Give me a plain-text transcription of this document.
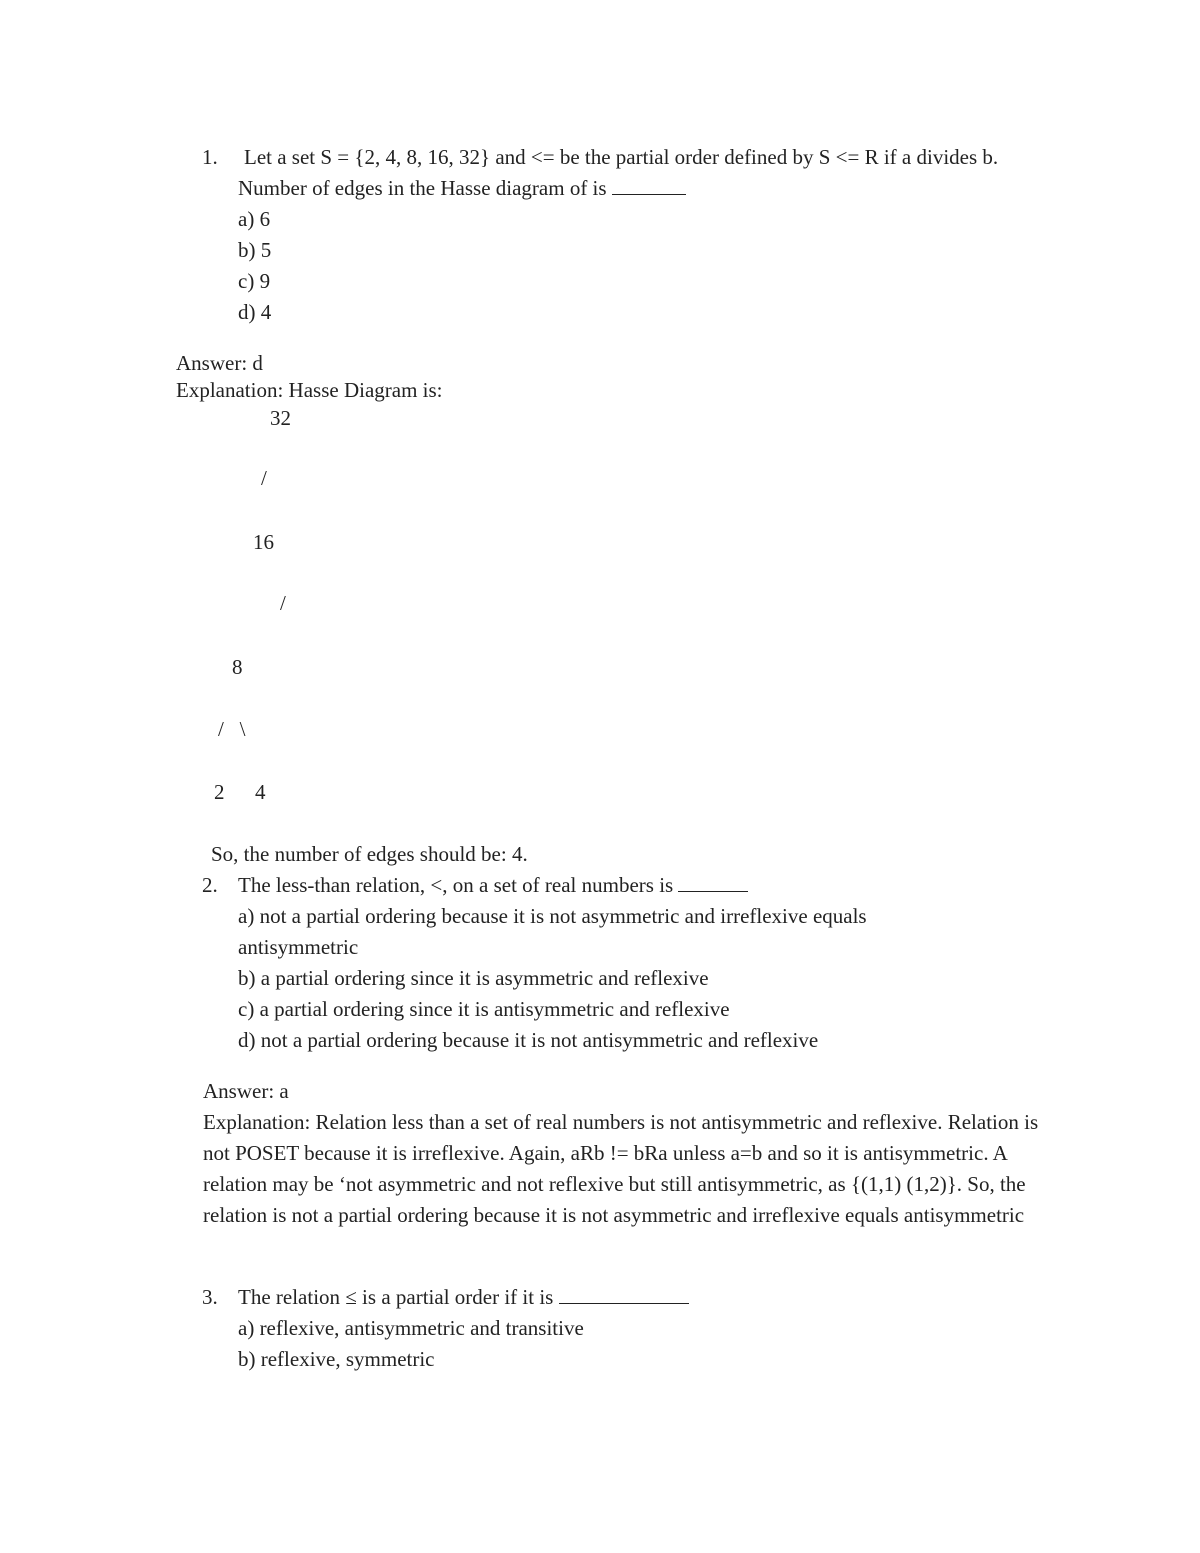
1.	Let a set S = {2, 4, 8, 16, 32} and <= be the partial order defined by S <= R if a divides b. Number of edges in the Hasse diagram of is
a) 6
b) 5
c) 9
d) 4
Answer: d
Explanation: Hasse Diagram is:
32
/
16
/
8
/   \
2 4
So, the number of edges should be: 4.
2. The less-than relation, <, on a set of real numbers is
a) not a partial ordering because it is not asymmetric and irreflexive equals antisymmetric
b) a partial ordering since it is asymmetric and reflexive
c) a partial ordering since it is antisymmetric and reflexive
d) not a partial ordering because it is not antisymmetric and reflexive
Answer: a
Explanation: Relation less than a set of real numbers is not antisymmetric and reflexive. Relation is not POSET because it is irreflexive. Again, aRb != bRa unless a=b and so it is antisymmetric. A relation may be ‘not asymmetric and not reflexive but still antisymmetric, as {(1,1) (1,2)}. So, the relation is not a partial ordering because it is not asymmetric and irreflexive equals antisymmetric
3. The relation ≤ is a partial order if it is
a) reflexive, antisymmetric and transitive
b) reflexive, symmetric
